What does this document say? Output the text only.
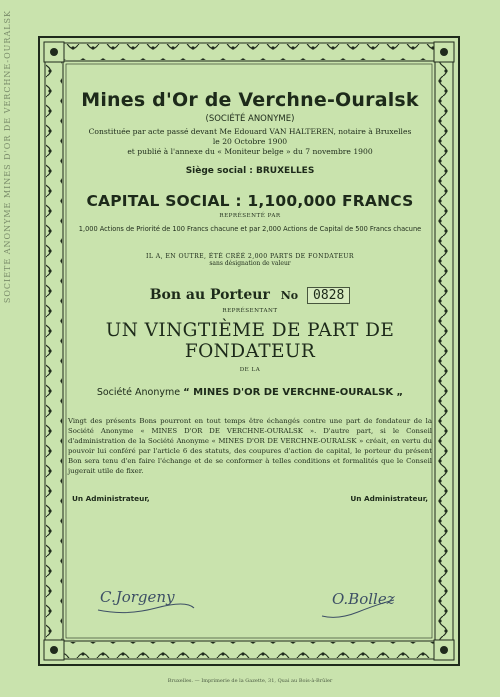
SOCIÉTÉ ANONYME MINES D'OR DE VERCHNE-OURALSK	Mines d'Or de Verchne-Ouralsk
(SOCIÉTÉ ANONYME)
Constituée par acte passé devant Me Edouard VAN HALTEREN, notaire à Bruxelles
le 20 Octobre 1900
et publié à l'annexe du « Moniteur belge » du 7 novembre 1900
Siège social : BRUXELLES
CAPITAL SOCIAL : 1,100,000 FRANCS
REPRÉSENTÉ PAR
1,000 Actions de Priorité de 100 Francs chacune et par 2,000 Actions de Capital de 500 Francs chacune
IL A, EN OUTRE, ÉTÉ CRÉÉ 2,000 PARTS DE FONDATEUR
sans désignation de valeur
Bon au Porteur No 0828
REPRÉSENTANT
UN VINGTIÈME DE PART DE FONDATEUR
DE LA
Société Anonyme “ MINES D'OR DE VERCHNE-OURALSK „
Vingt des présents Bons pourront en tout temps être échangés contre une part de fondateur de la Société Anonyme « MINES D'OR DE VERCHNE-OURALSK ». D'autre part, si le Conseil d'administration de la Société Anonyme « MINES D'OR DE VERCHNE-OURALSK » créait, en vertu du pouvoir lui conféré par l'article 6 des statuts, des coupures d'action de capital, le porteur du présent Bon sera tenu d'en faire l'échange et de se conformer à telles conditions et formalités que le Conseil jugerait utile de fixer.
Un Administrateur,	Un Administrateur,
C.Jorgeny	O.Bollez
Bruxelles. — Imprimerie de la Gazette, 31, Quai au Bois-à-Brûler
